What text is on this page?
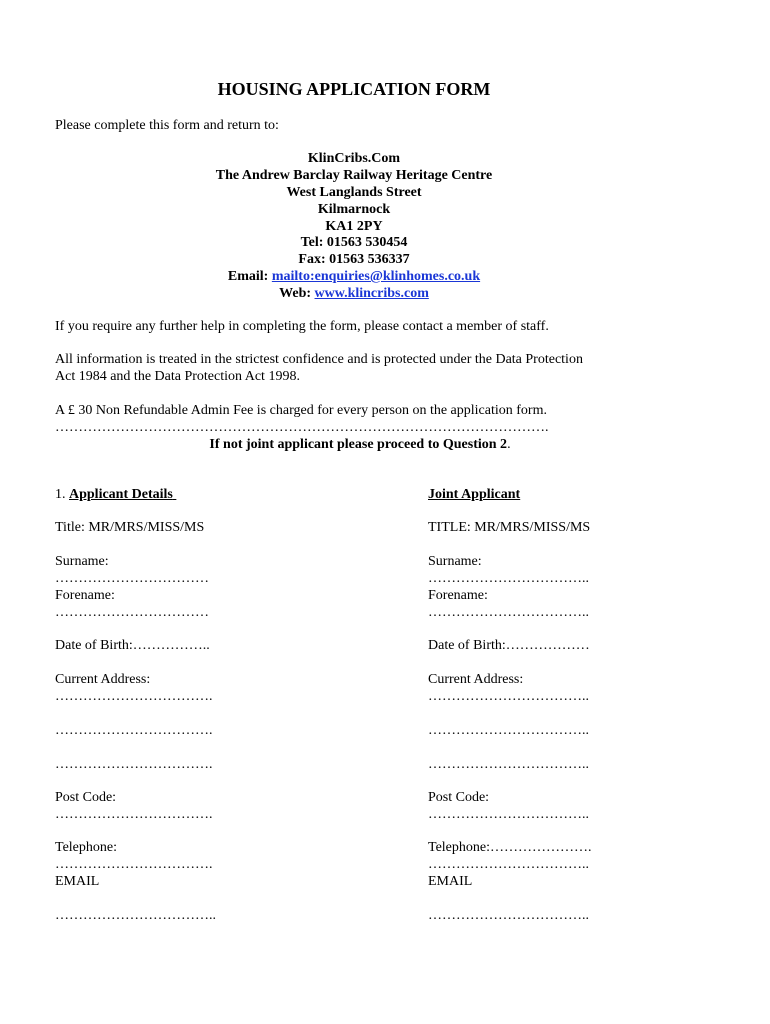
HOUSING APPLICATION FORM
Please complete this form and return to:
KlinCribs.Com
The Andrew Barclay Railway Heritage Centre
West Langlands Street
Kilmarnock
KA1 2PY
Tel: 01563 530454
Fax: 01563 536337
Email: mailto:enquiries@klinhomes.co.uk
Web: www.klincribs.com
If you require any further help in completing the form, please contact a member of staff.
All information is treated in the strictest confidence and is protected under the Data Protection
Act 1984 and the Data Protection Act 1998.
A £ 30 Non Refundable Admin Fee is charged for every person on the application form.
…………………………………………………………………………………………….
If not joint applicant please proceed to Question 2.
1. Applicant Details
Title: MR/MRS/MISS/MS
Surname:
……………………………
Forename:
……………………………
Date of Birth:……………..
Current Address:
…………………………….
…………………………….
…………………………….
Post Code:
…………………………….
Telephone:
…………………………….
EMAIL
……………………………..
Joint Applicant
TITLE: MR/MRS/MISS/MS
Surname:
……………………………..
Forename:
……………………………..
Date of Birth:………………
Current Address:
……………………………..
……………………………..
……………………………..
Post Code:
……………………………..
Telephone:………………….
……………………………..
EMAIL
……………………………..
